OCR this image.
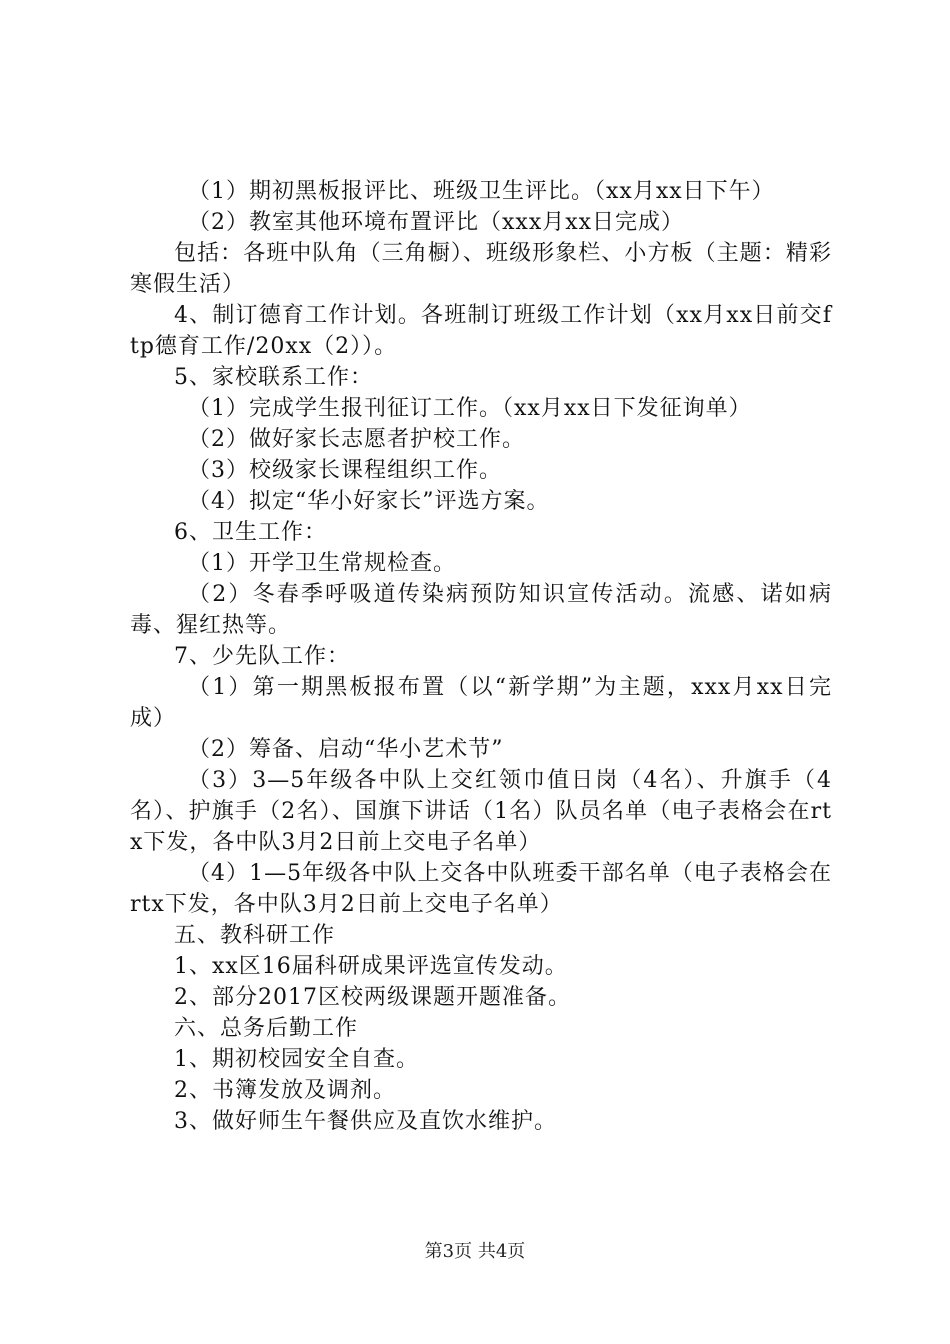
（1）期初黑板报评比、班级卫生评比。（xx月xx日下午）

（2）教室其他环境布置评比（xxx月xx日完成）

包括：各班中队角（三角橱）、班级形象栏、小方板（主题：精彩寒假生活）

4、制订德育工作计划。各班制订班级工作计划（xx月xx日前交ftp德育工作/20xx（2））。

5、家校联系工作：

（1）完成学生报刊征订工作。（xx月xx日下发征询单）

（2）做好家长志愿者护校工作。

（3）校级家长课程组织工作。

（4）拟定“华小好家长”评选方案。

6、卫生工作：

（1）开学卫生常规检查。

（2）冬春季呼吸道传染病预防知识宣传活动。流感、诺如病毒、猩红热等。

7、少先队工作：

（1）第一期黑板报布置（以“新学期”为主题，xxx月xx日完成）

（2）筹备、启动“华小艺术节”

（3）3—5年级各中队上交红领巾值日岗（4名）、升旗手（4名）、护旗手（2名）、国旗下讲话（1名）队员名单（电子表格会在rtx下发，各中队3月2日前上交电子名单）

（4）1—5年级各中队上交各中队班委干部名单（电子表格会在rtx下发，各中队3月2日前上交电子名单）

五、教科研工作

1、xx区16届科研成果评选宣传发动。

2、部分2017区校两级课题开题准备。

六、总务后勤工作

1、期初校园安全自查。

2、书簿发放及调剂。

3、做好师生午餐供应及直饮水维护。

第3页 共4页
